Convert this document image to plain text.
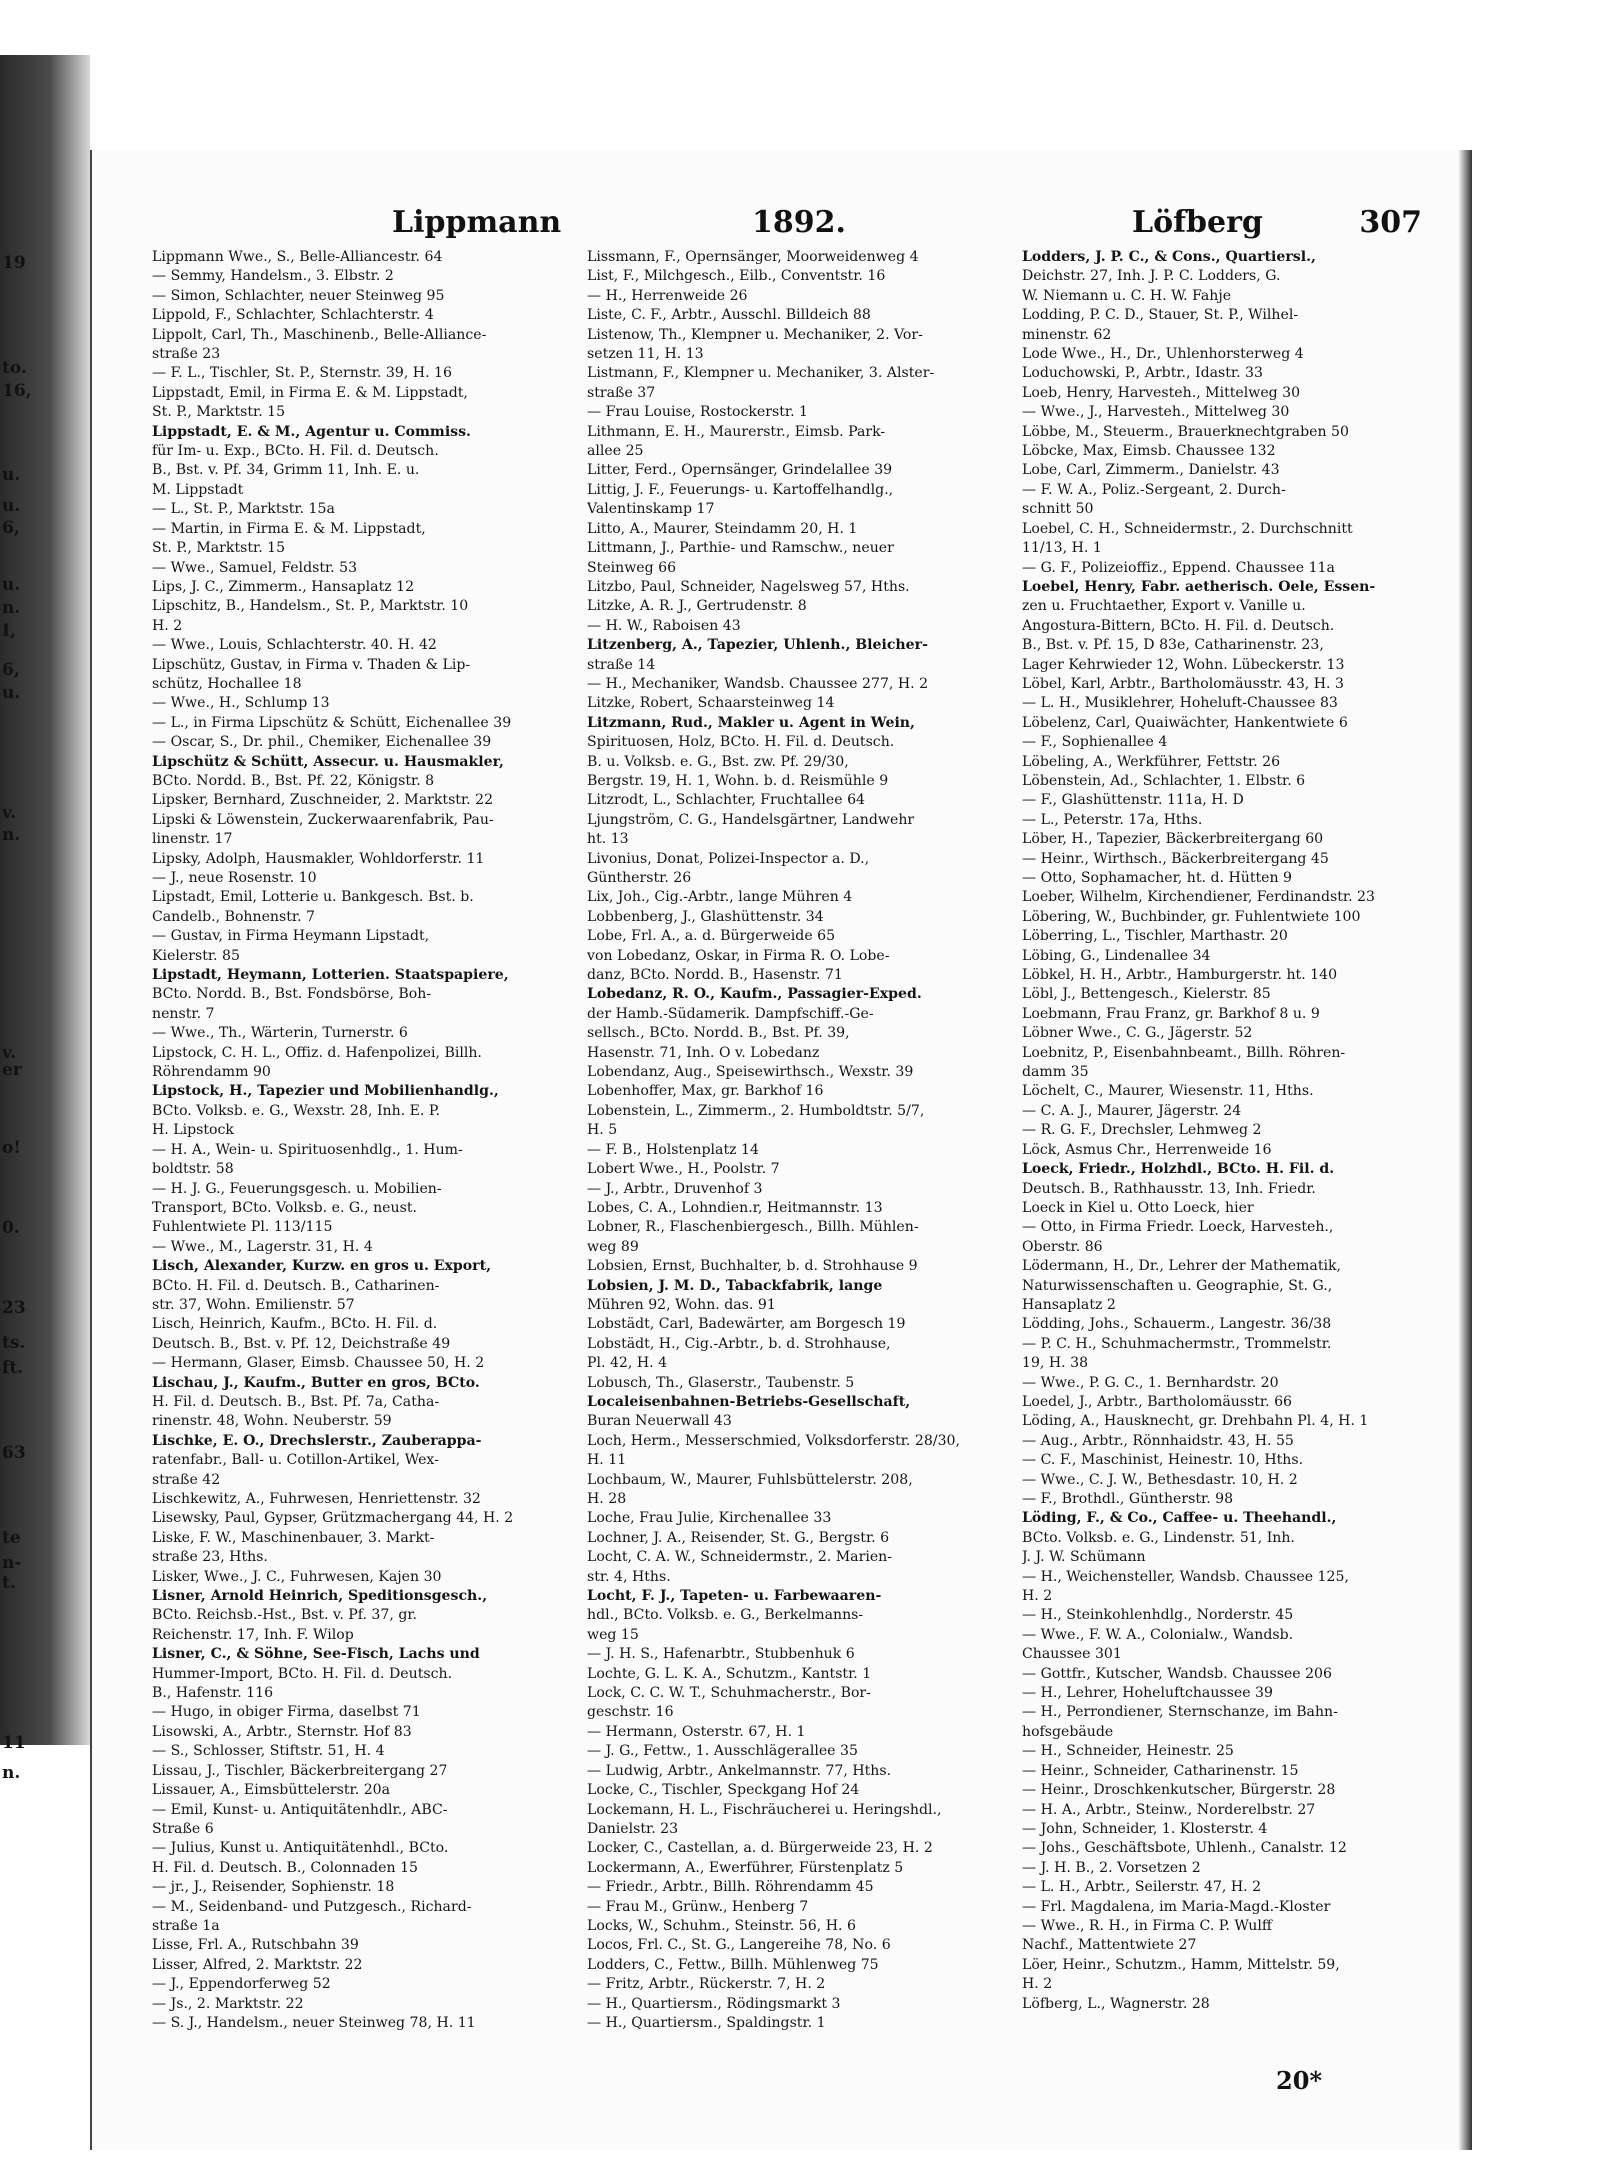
19
to.
16,
u.
u.
6,
u.
n.
I,
6,
u.
v.
n.
v.
er
o!
0.
23
ts.
ft.
63
te
n-
t.
11
n.
Lippmann	1892.	Löfberg	307
Lippmann Wwe., S., Belle-Alliancestr. 64
— Semmy, Handelsm., 3. Elbstr. 2
— Simon, Schlachter, neuer Steinweg 95
Lippold, F., Schlachter, Schlachterstr. 4
Lippolt, Carl, Th., Maschinenb., Belle-Alliance-
straße 23
— F. L., Tischler, St. P., Sternstr. 39, H. 16
Lippstadt, Emil, in Firma E. & M. Lippstadt,
St. P., Marktstr. 15
Lippstadt, E. & M., Agentur u. Commiss.
für Im- u. Exp., BCto. H. Fil. d. Deutsch.
B., Bst. v. Pf. 34, Grimm 11, Inh. E. u.
M. Lippstadt
— L., St. P., Marktstr. 15a
— Martin, in Firma E. & M. Lippstadt,
St. P., Marktstr. 15
— Wwe., Samuel, Feldstr. 53
Lips, J. C., Zimmerm., Hansaplatz 12
Lipschitz, B., Handelsm., St. P., Marktstr. 10
H. 2
— Wwe., Louis, Schlachterstr. 40. H. 42
Lipschütz, Gustav, in Firma v. Thaden & Lip-
schütz, Hochallee 18
— Wwe., H., Schlump 13
— L., in Firma Lipschütz & Schütt, Eichenallee 39
— Oscar, S., Dr. phil., Chemiker, Eichenallee 39
Lipschütz & Schütt, Assecur. u. Hausmakler,
BCto. Nordd. B., Bst. Pf. 22, Königstr. 8
Lipsker, Bernhard, Zuschneider, 2. Marktstr. 22
Lipski & Löwenstein, Zuckerwaarenfabrik, Pau-
linenstr. 17
Lipsky, Adolph, Hausmakler, Wohldorferstr. 11
— J., neue Rosenstr. 10
Lipstadt, Emil, Lotterie u. Bankgesch. Bst. b.
Candelb., Bohnenstr. 7
— Gustav, in Firma Heymann Lipstadt,
Kielerstr. 85
Lipstadt, Heymann, Lotterien. Staatspapiere,
BCto. Nordd. B., Bst. Fondsbörse, Boh-
nenstr. 7
— Wwe., Th., Wärterin, Turnerstr. 6
Lipstock, C. H. L., Offiz. d. Hafenpolizei, Billh.
Röhrendamm 90
Lipstock, H., Tapezier und Mobilienhandlg.,
BCto. Volksb. e. G., Wexstr. 28, Inh. E. P.
H. Lipstock
— H. A., Wein- u. Spirituosenhdlg., 1. Hum-
boldtstr. 58
— H. J. G., Feuerungsgesch. u. Mobilien-
Transport, BCto. Volksb. e. G., neust.
Fuhlentwiete Pl. 113/115
— Wwe., M., Lagerstr. 31, H. 4
Lisch, Alexander, Kurzw. en gros u. Export,
BCto. H. Fil. d. Deutsch. B., Catharinen-
str. 37, Wohn. Emilienstr. 57
Lisch, Heinrich, Kaufm., BCto. H. Fil. d.
Deutsch. B., Bst. v. Pf. 12, Deichstraße 49
— Hermann, Glaser, Eimsb. Chaussee 50, H. 2
Lischau, J., Kaufm., Butter en gros, BCto.
H. Fil. d. Deutsch. B., Bst. Pf. 7a, Catha-
rinenstr. 48, Wohn. Neuberstr. 59
Lischke, E. O., Drechslerstr., Zauberappa-
ratenfabr., Ball- u. Cotillon-Artikel, Wex-
straße 42
Lischkewitz, A., Fuhrwesen, Henriettenstr. 32
Lisewsky, Paul, Gypser, Grützmachergang 44, H. 2
Liske, F. W., Maschinenbauer, 3. Markt-
straße 23, Hths.
Lisker, Wwe., J. C., Fuhrwesen, Kajen 30
Lisner, Arnold Heinrich, Speditionsgesch.,
BCto. Reichsb.-Hst., Bst. v. Pf. 37, gr.
Reichenstr. 17, Inh. F. Wilop
Lisner, C., & Söhne, See-Fisch, Lachs und
Hummer-Import, BCto. H. Fil. d. Deutsch.
B., Hafenstr. 116
— Hugo, in obiger Firma, daselbst 71
Lisowski, A., Arbtr., Sternstr. Hof 83
— S., Schlosser, Stiftstr. 51, H. 4
Lissau, J., Tischler, Bäckerbreitergang 27
Lissauer, A., Eimsbüttelerstr. 20a
— Emil, Kunst- u. Antiquitätenhdlr., ABC-
Straße 6
— Julius, Kunst u. Antiquitätenhdl., BCto.
H. Fil. d. Deutsch. B., Colonnaden 15
— jr., J., Reisender, Sophienstr. 18
— M., Seidenband- und Putzgesch., Richard-
straße 1a
Lisse, Frl. A., Rutschbahn 39
Lisser, Alfred, 2. Marktstr. 22
— J., Eppendorferweg 52
— Js., 2. Marktstr. 22
— S. J., Handelsm., neuer Steinweg 78, H. 11
Lissmann, F., Opernsänger, Moorweidenweg 4
List, F., Milchgesch., Eilb., Conventstr. 16
— H., Herrenweide 26
Liste, C. F., Arbtr., Ausschl. Billdeich 88
Listenow, Th., Klempner u. Mechaniker, 2. Vor-
setzen 11, H. 13
Listmann, F., Klempner u. Mechaniker, 3. Alster-
straße 37
— Frau Louise, Rostockerstr. 1
Lithmann, E. H., Maurerstr., Eimsb. Park-
allee 25
Litter, Ferd., Opernsänger, Grindelallee 39
Littig, J. F., Feuerungs- u. Kartoffelhandlg.,
Valentinskamp 17
Litto, A., Maurer, Steindamm 20, H. 1
Littmann, J., Parthie- und Ramschw., neuer
Steinweg 66
Litzbo, Paul, Schneider, Nagelsweg 57, Hths.
Litzke, A. R. J., Gertrudenstr. 8
— H. W., Raboisen 43
Litzenberg, A., Tapezier, Uhlenh., Bleicher-
straße 14
— H., Mechaniker, Wandsb. Chaussee 277, H. 2
Litzke, Robert, Schaarsteinweg 14
Litzmann, Rud., Makler u. Agent in Wein,
Spirituosen, Holz, BCto. H. Fil. d. Deutsch.
B. u. Volksb. e. G., Bst. zw. Pf. 29/30,
Bergstr. 19, H. 1, Wohn. b. d. Reismühle 9
Litzrodt, L., Schlachter, Fruchtallee 64
Ljungström, C. G., Handelsgärtner, Landwehr
ht. 13
Livonius, Donat, Polizei-Inspector a. D.,
Güntherstr. 26
Lix, Joh., Cig.-Arbtr., lange Mühren 4
Lobbenberg, J., Glashüttenstr. 34
Lobe, Frl. A., a. d. Bürgerweide 65
von Lobedanz, Oskar, in Firma R. O. Lobe-
danz, BCto. Nordd. B., Hasenstr. 71
Lobedanz, R. O., Kaufm., Passagier-Exped.
der Hamb.-Südamerik. Dampfschiff.-Ge-
sellsch., BCto. Nordd. B., Bst. Pf. 39,
Hasenstr. 71, Inh. O v. Lobedanz
Lobendanz, Aug., Speisewirthsch., Wexstr. 39
Lobenhoffer, Max, gr. Barkhof 16
Lobenstein, L., Zimmerm., 2. Humboldtstr. 5/7,
H. 5
— F. B., Holstenplatz 14
Lobert Wwe., H., Poolstr. 7
— J., Arbtr., Druvenhof 3
Lobes, C. A., Lohndien.r, Heitmannstr. 13
Lobner, R., Flaschenbiergesch., Billh. Mühlen-
weg 89
Lobsien, Ernst, Buchhalter, b. d. Strohhause 9
Lobsien, J. M. D., Tabackfabrik, lange
Mühren 92, Wohn. das. 91
Lobstädt, Carl, Badewärter, am Borgesch 19
Lobstädt, H., Cig.-Arbtr., b. d. Strohhause,
Pl. 42, H. 4
Lobusch, Th., Glaserstr., Taubenstr. 5
Localeisenbahnen-Betriebs-Gesellschaft,
Buran Neuerwall 43
Loch, Herm., Messerschmied, Volksdorferstr. 28/30,
H. 11
Lochbaum, W., Maurer, Fuhlsbüttelerstr. 208,
H. 28
Loche, Frau Julie, Kirchenallee 33
Lochner, J. A., Reisender, St. G., Bergstr. 6
Locht, C. A. W., Schneidermstr., 2. Marien-
str. 4, Hths.
Locht, F. J., Tapeten- u. Farbewaaren-
hdl., BCto. Volksb. e. G., Berkelmanns-
weg 15
— J. H. S., Hafenarbtr., Stubbenhuk 6
Lochte, G. L. K. A., Schutzm., Kantstr. 1
Lock, C. C. W. T., Schuhmacherstr., Bor-
geschstr. 16
— Hermann, Osterstr. 67, H. 1
— J. G., Fettw., 1. Ausschlägerallee 35
— Ludwig, Arbtr., Ankelmannstr. 77, Hths.
Locke, C., Tischler, Speckgang Hof 24
Lockemann, H. L., Fischräucherei u. Heringshdl.,
Danielstr. 23
Locker, C., Castellan, a. d. Bürgerweide 23, H. 2
Lockermann, A., Ewerführer, Fürstenplatz 5
— Friedr., Arbtr., Billh. Röhrendamm 45
— Frau M., Grünw., Henberg 7
Locks, W., Schuhm., Steinstr. 56, H. 6
Locos, Frl. C., St. G., Langereihe 78, No. 6
Lodders, C., Fettw., Billh. Mühlenweg 75
— Fritz, Arbtr., Rückerstr. 7, H. 2
— H., Quartiersm., Rödingsmarkt 3
— H., Quartiersm., Spaldingstr. 1
Lodders, J. P. C., & Cons., Quartiersl.,
Deichstr. 27, Inh. J. P. C. Lodders, G.
W. Niemann u. C. H. W. Fahje
Lodding, P. C. D., Stauer, St. P., Wilhel-
minenstr. 62
Lode Wwe., H., Dr., Uhlenhorsterweg 4
Loduchowski, P., Arbtr., Idastr. 33
Loeb, Henry, Harvesteh., Mittelweg 30
— Wwe., J., Harvesteh., Mittelweg 30
Löbbe, M., Steuerm., Brauerknechtgraben 50
Löbcke, Max, Eimsb. Chaussee 132
Lobe, Carl, Zimmerm., Danielstr. 43
— F. W. A., Poliz.-Sergeant, 2. Durch-
schnitt 50
Loebel, C. H., Schneidermstr., 2. Durchschnitt
11/13, H. 1
— G. F., Polizeioffiz., Eppend. Chaussee 11a
Loebel, Henry, Fabr. aetherisch. Oele, Essen-
zen u. Fruchtaether, Export v. Vanille u.
Angostura-Bittern, BCto. H. Fil. d. Deutsch.
B., Bst. v. Pf. 15, D 83e, Catharinenstr. 23,
Lager Kehrwieder 12, Wohn. Lübeckerstr. 13
Löbel, Karl, Arbtr., Bartholomäusstr. 43, H. 3
— L. H., Musiklehrer, Hoheluft-Chaussee 83
Löbelenz, Carl, Quaiwächter, Hankentwiete 6
— F., Sophienallee 4
Löbeling, A., Werkführer, Fettstr. 26
Löbenstein, Ad., Schlachter, 1. Elbstr. 6
— F., Glashüttenstr. 111a, H. D
— L., Peterstr. 17a, Hths.
Löber, H., Tapezier, Bäckerbreitergang 60
— Heinr., Wirthsch., Bäckerbreitergang 45
— Otto, Sophamacher, ht. d. Hütten 9
Loeber, Wilhelm, Kirchendiener, Ferdinandstr. 23
Löbering, W., Buchbinder, gr. Fuhlentwiete 100
Löberring, L., Tischler, Marthastr. 20
Löbing, G., Lindenallee 34
Löbkel, H. H., Arbtr., Hamburgerstr. ht. 140
Löbl, J., Bettengesch., Kielerstr. 85
Loebmann, Frau Franz, gr. Barkhof 8 u. 9
Löbner Wwe., C. G., Jägerstr. 52
Loebnitz, P., Eisenbahnbeamt., Billh. Röhren-
damm 35
Löchelt, C., Maurer, Wiesenstr. 11, Hths.
— C. A. J., Maurer, Jägerstr. 24
— R. G. F., Drechsler, Lehmweg 2
Löck, Asmus Chr., Herrenweide 16
Loeck, Friedr., Holzhdl., BCto. H. Fil. d.
Deutsch. B., Rathhausstr. 13, Inh. Friedr.
Loeck in Kiel u. Otto Loeck, hier
— Otto, in Firma Friedr. Loeck, Harvesteh.,
Oberstr. 86
Lödermann, H., Dr., Lehrer der Mathematik,
Naturwissenschaften u. Geographie, St. G.,
Hansaplatz 2
Lödding, Johs., Schauerm., Langestr. 36/38
— P. C. H., Schuhmachermstr., Trommelstr.
19, H. 38
— Wwe., P. G. C., 1. Bernhardstr. 20
Loedel, J., Arbtr., Bartholomäusstr. 66
Löding, A., Hausknecht, gr. Drehbahn Pl. 4, H. 1
— Aug., Arbtr., Rönnhaidstr. 43, H. 55
— C. F., Maschinist, Heinestr. 10, Hths.
— Wwe., C. J. W., Bethesdastr. 10, H. 2
— F., Brothdl., Güntherstr. 98
Löding, F., & Co., Caffee- u. Theehandl.,
BCto. Volksb. e. G., Lindenstr. 51, Inh.
J. J. W. Schümann
— H., Weichensteller, Wandsb. Chaussee 125,
H. 2
— H., Steinkohlenhdlg., Norderstr. 45
— Wwe., F. W. A., Colonialw., Wandsb.
Chaussee 301
— Gottfr., Kutscher, Wandsb. Chaussee 206
— H., Lehrer, Hoheluftchaussee 39
— H., Perrondiener, Sternschanze, im Bahn-
hofsgebäude
— H., Schneider, Heinestr. 25
— Heinr., Schneider, Catharinenstr. 15
— Heinr., Droschkenkutscher, Bürgerstr. 28
— H. A., Arbtr., Steinw., Norderelbstr. 27
— John, Schneider, 1. Klosterstr. 4
— Johs., Geschäftsbote, Uhlenh., Canalstr. 12
— J. H. B., 2. Vorsetzen 2
— L. H., Arbtr., Seilerstr. 47, H. 2
— Frl. Magdalena, im Maria-Magd.-Kloster
— Wwe., R. H., in Firma C. P. Wulff
Nachf., Mattentwiete 27
Löer, Heinr., Schutzm., Hamm, Mittelstr. 59,
H. 2
Löfberg, L., Wagnerstr. 28
20*
